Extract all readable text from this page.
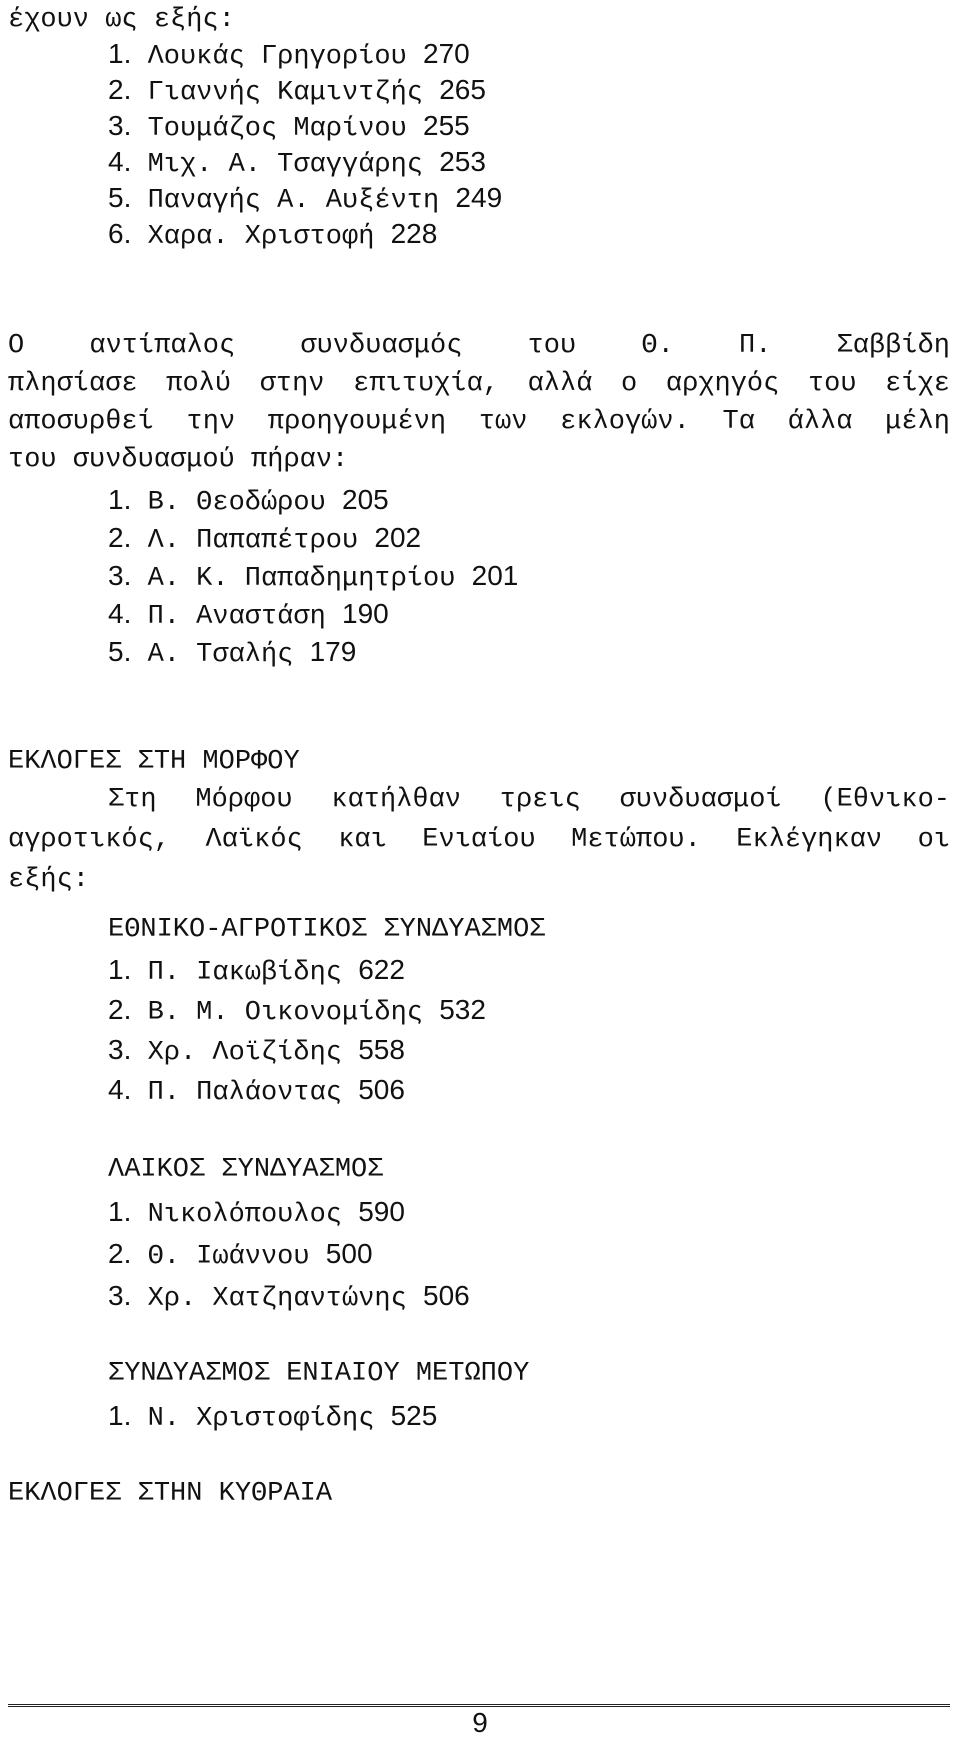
έχουν ως εξής:
1. Λουκάς Γρηγορίου 270
2. Γιαννής Καμιντζής 265
3. Τουμάζος Μαρίνου 255
4. Μιχ. Α. Τσαγγάρης 253
5. Παναγής Α. Αυξέντη 249
6. Χαρα. Χριστοφή 228
Ο αντίπαλος συνδυασμός του Θ. Π. Σαββίδη
πλησίασε πολύ στην επιτυχία, αλλά ο αρχηγός του είχε
αποσυρθεί την προηγουμένη των εκλογών. Τα άλλα μέλη
του συνδυασμού πήραν:
1. Β. Θεοδώρου 205
2. Λ. Παπαπέτρου 202
3. Α. Κ. Παπαδημητρίου 201
4. Π. Αναστάση 190
5. Α. Τσαλής 179
ΕΚΛΟΓΕΣ ΣΤΗ ΜΟΡΦΟΥ
Στη Μόρφου κατήλθαν τρεις συνδυασμοί (Εθνικο-
αγροτικός, Λαϊκός και Ενιαίου Μετώπου. Εκλέγηκαν οι
εξής:
ΕΘΝΙΚΟ-ΑΓΡΟΤΙΚΟΣ ΣΥΝΔΥΑΣΜΟΣ
1. Π. Ιακωβίδης 622
2. Β. Μ. Οικονομίδης 532
3. Χρ. Λοϊζίδης 558
4. Π. Παλάοντας 506
ΛΑΙΚΟΣ ΣΥΝΔΥΑΣΜΟΣ
1. Νικολόπουλος 590
2. Θ. Ιωάννου 500
3. Χρ. Χατζηαντώνης 506
ΣΥΝΔΥΑΣΜΟΣ ΕΝΙΑΙΟΥ ΜΕΤΩΠΟΥ
1. Ν. Χριστοφίδης 525
ΕΚΛΟΓΕΣ ΣΤΗΝ ΚΥΘΡΑΙΑ
9
